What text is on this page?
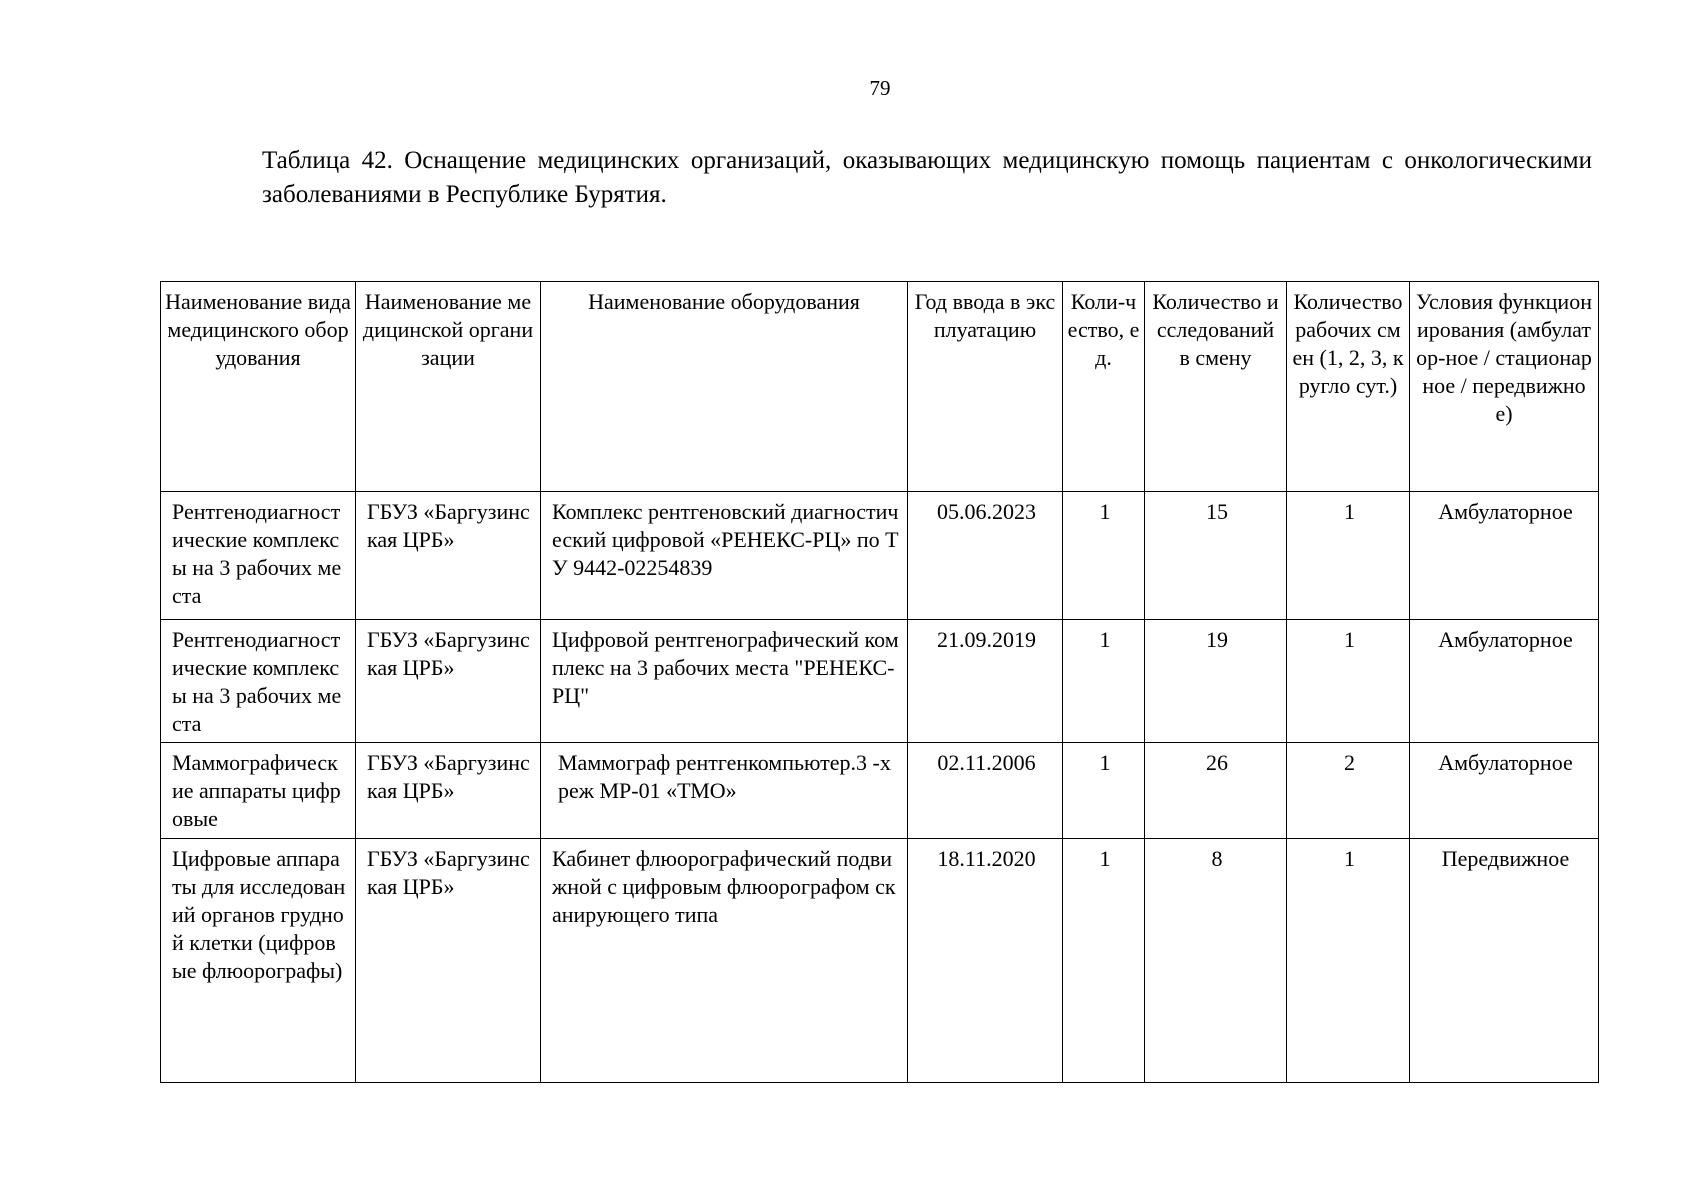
79
Таблица 42. Оснащение медицинских организаций, оказывающих медицинскую помощь пациентам с онкологическими заболеваниями в Республике Бурятия.
Наименование вида медицинского оборудования	Наименование медицинской организации	Наименование оборудования	Год ввода в эксплуатацию	Коли-чество, ед.	Количество исследований в смену	Количество рабочих смен (1, 2, 3, кругло сут.)	Условия функционирования (амбулатор-ное / стационарное / передвижное)
Рентгенодиагностические комплексы на 3 рабочих места	ГБУЗ «Баргузинская ЦРБ»	Комплекс рентгеновский диагностический цифровой «РЕНЕКС-РЦ» по ТУ 9442-02254839	05.06.2023	1	15	1	Амбулаторное
Рентгенодиагностические комплексы на 3 рабочих места	ГБУЗ «Баргузинская ЦРБ»	Цифровой рентгенографический комплекс на 3 рабочих места "РЕНЕКС-РЦ"	21.09.2019	1	19	1	Амбулаторное
Маммографические аппараты цифровые	ГБУЗ «Баргузинская ЦРБ»	Маммограф рентгенкомпьютер.3 -хреж МР-01 «ТМО»	02.11.2006	1	26	2	Амбулаторное
Цифровые аппараты для исследований органов грудной клетки (цифровые флюорографы)	ГБУЗ «Баргузинская ЦРБ»	Кабинет флюорографический подвижной с цифровым флюорографом сканирующего типа	18.11.2020	1	8	1	Передвижное
